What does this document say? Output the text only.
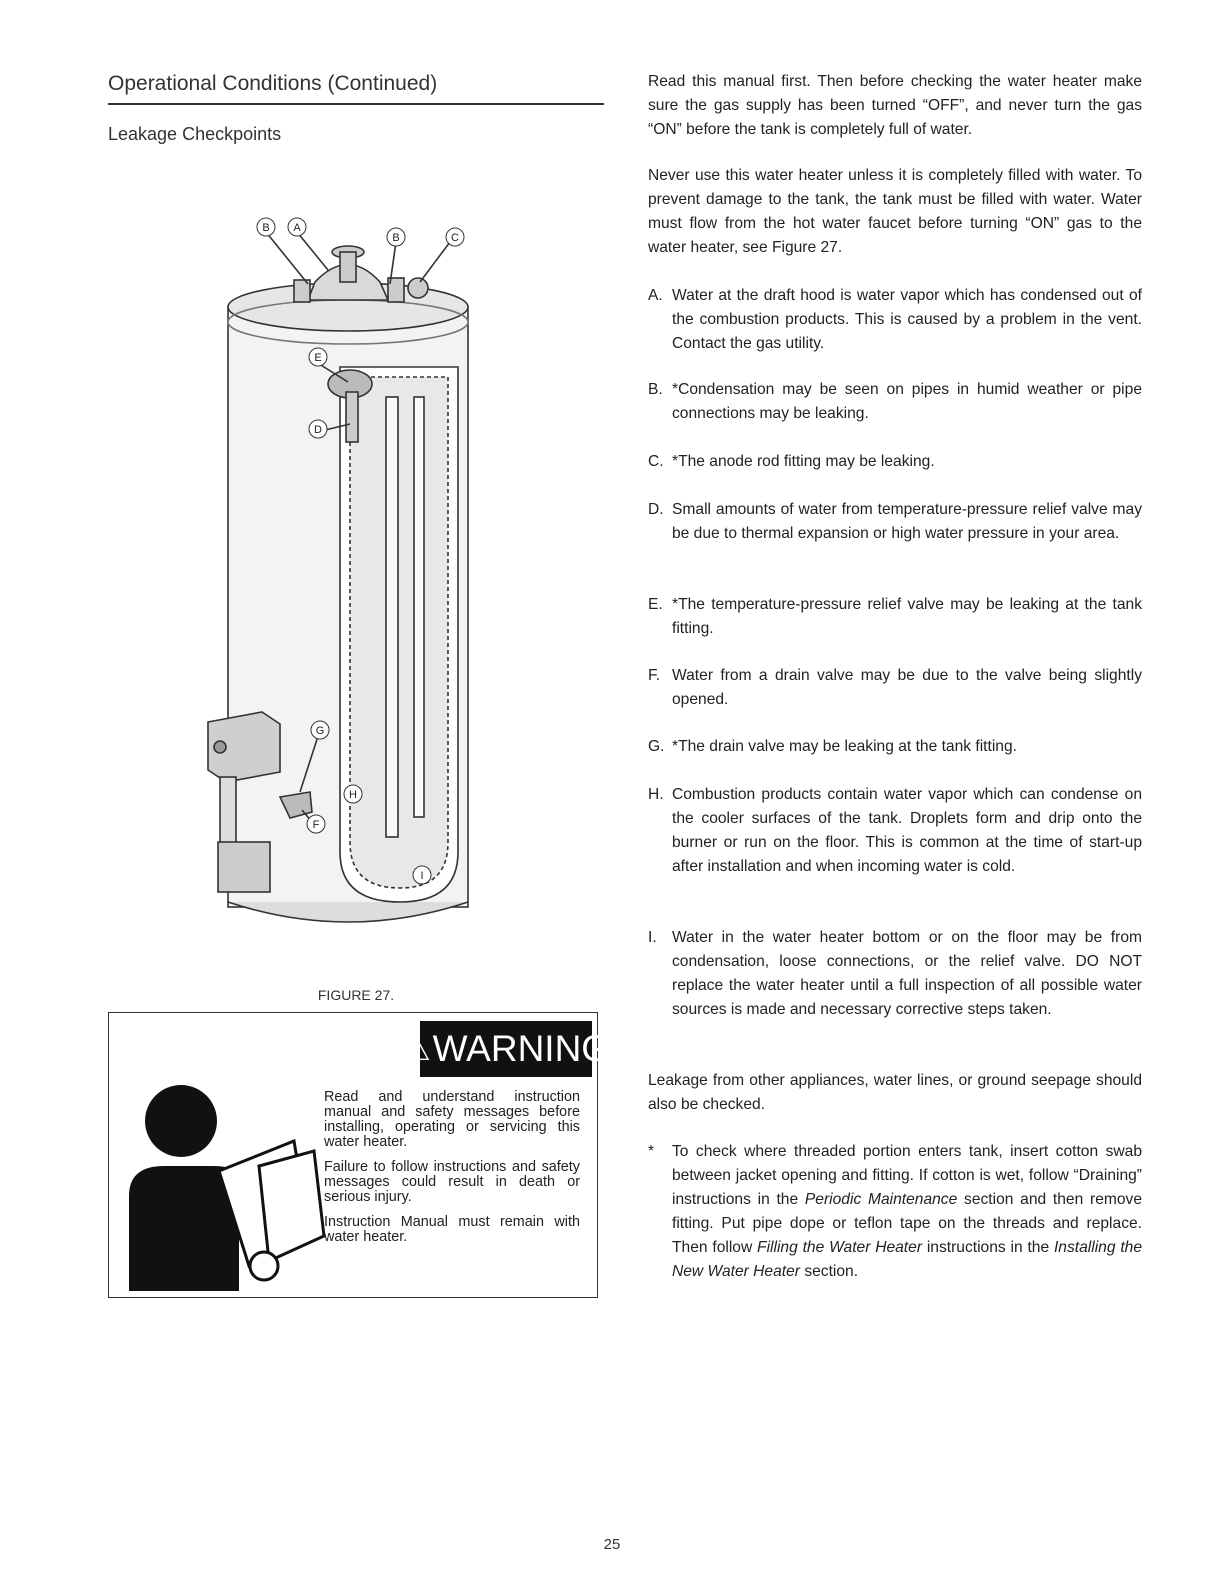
Operational Conditions (Continued)
Leakage Checkpoints
B A
B	C
E
D
G
H
F
I
FIGURE 27.
⚠ WARNING

Read and understand instruction manual and safety messages before installing, operating or servicing this water heater.

Failure to follow instructions and safety messages could result in death or serious injury.

Instruction Manual must remain with water heater.

Read this manual first. Then before checking the water heater make sure the gas supply has been turned “OFF”, and never turn the gas “ON” before the tank is completely full of water.

Never use this water heater unless it is completely filled with water. To prevent damage to the tank, the tank must be filled with water. Water must flow from the hot water faucet before turning “ON” gas to the water heater, see Figure 27.

A. Water at the draft hood is water vapor which has condensed out of the combustion products. This is caused by a problem in the vent. Contact the gas utility.
B. *Condensation may be seen on pipes in humid weather or pipe connections may be leaking.
C. *The anode rod fitting may be leaking.
D. Small amounts of water from temperature-pressure relief valve may be due to thermal expansion or high water pressure in your area.
E. *The temperature-pressure relief valve may be leaking at the tank fitting.
F. Water from a drain valve may be due to the valve being slightly opened.
G. *The drain valve may be leaking at the tank fitting.
H. Combustion products contain water vapor which can condense on the cooler surfaces of the tank. Droplets form and drip onto the burner or run on the floor. This is common at the time of start-up after installation and when incoming water is cold.
I. Water in the water heater bottom or on the floor may be from condensation, loose connections, or the relief valve. DO NOT replace the water heater until a full inspection of all possible water sources is made and necessary corrective steps taken.

Leakage from other appliances, water lines, or ground seepage should also be checked.

*	To check where threaded portion enters tank, insert cotton swab between jacket opening and fitting. If cotton is wet, follow “Draining” instructions in the Periodic Maintenance section and then remove fitting. Put pipe dope or teflon tape on the threads and replace. Then follow Filling the Water Heater instructions in the Installing the New Water Heater section.
25
